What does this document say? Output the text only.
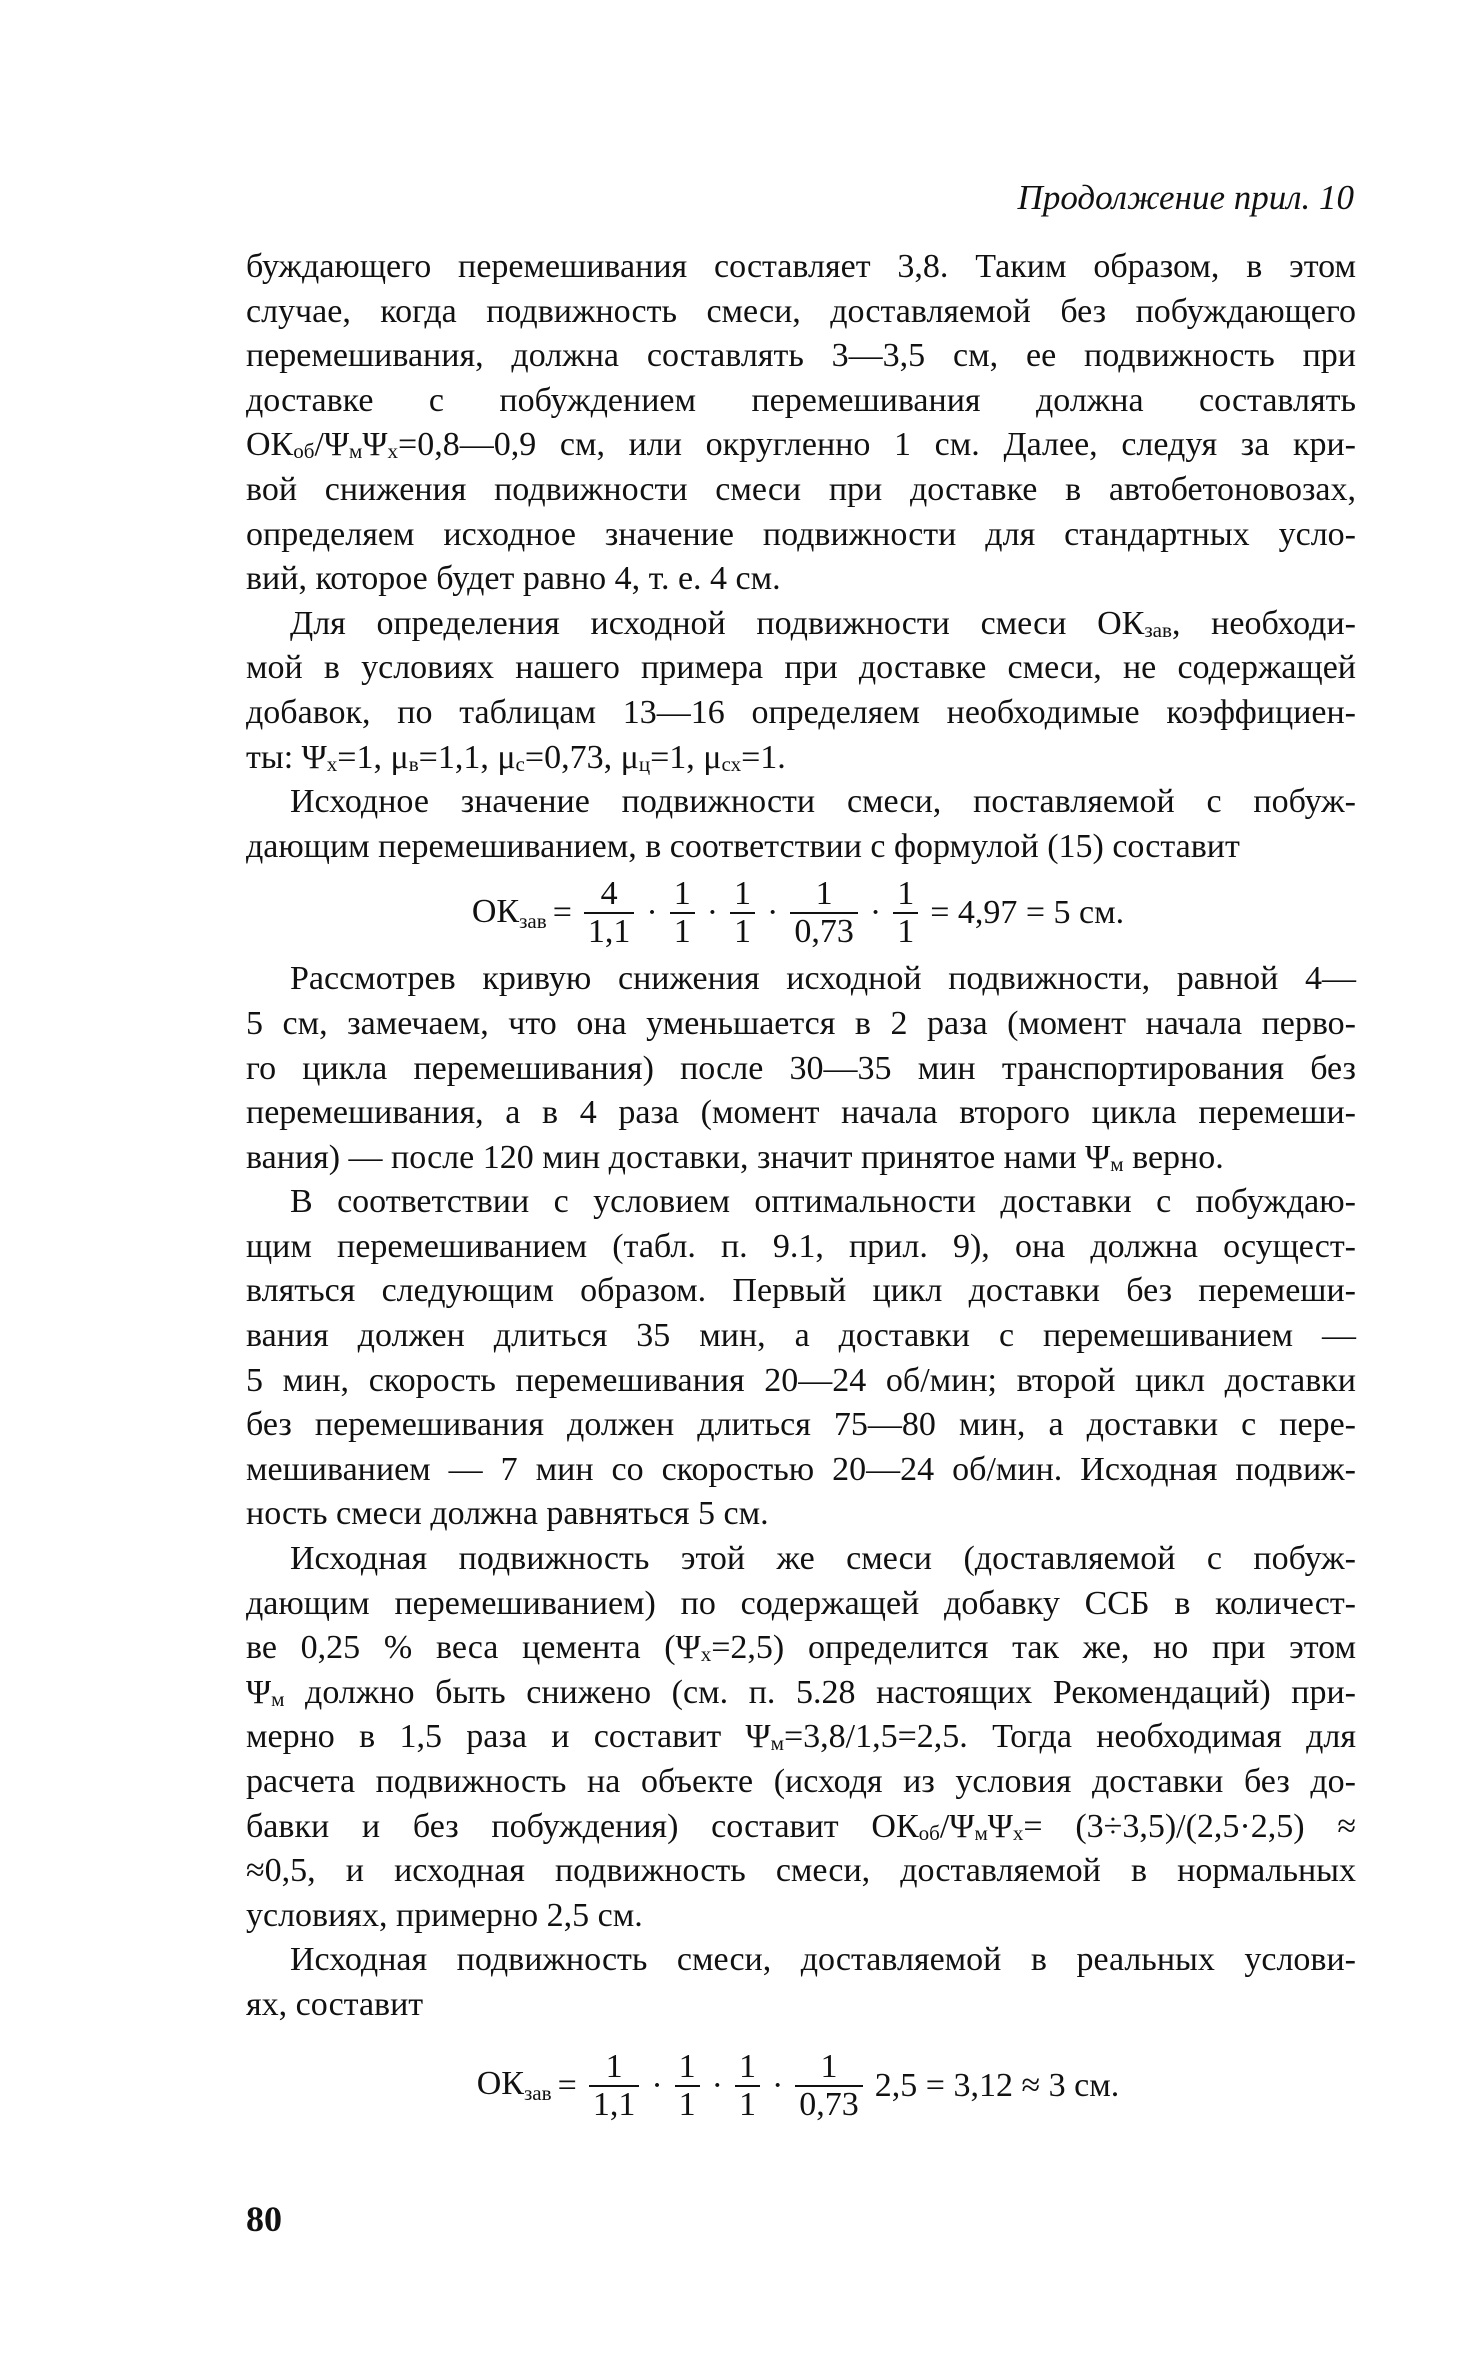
Продолжение прил. 10
буждающего перемешивания составляет 3,8. Таким образом, в этом
случае, когда подвижность смеси, доставляемой без побуждающего
перемешивания, должна составлять 3—3,5 см, ее подвижность при
доставке с побуждением перемешивания должна составлять
$ОК_{об}/\Psi_м\Psi_x=0,8—0,9$ см, или округленно 1 см. Далее, следуя за кри-
вой снижения подвижности смеси при доставке в автобетоновозах,
определяем исходное значение подвижности для стандартных усло-
вий, которое будет равно 4, т. е. 4 см.
Для определения исходной подвижности смеси $ОК_{зав}$, необходи-
мой в условиях нашего примера при доставке смеси, не содержащей
добавок, по таблицам 13—16 определяем необходимые коэффициен-
ты: $\Psi_x=1$, $\mu_в=1,1$, $\mu_с=0,73$, $\mu_ц=1$, $\mu_{сх}=1$.
Исходное значение подвижности смеси, поставляемой с побуж-
дающим перемешиванием, в соответствии с формулой (15) составит
$ОК_{зав} = \frac{4}{1,1} \cdot \frac{1}{1} \cdot \frac{1}{1} \cdot \frac{1}{0,73} \cdot \frac{1}{1} = 4,97 = 5$ см.
Рассмотрев кривую снижения исходной подвижности, равной 4—
5 см, замечаем, что она уменьшается в 2 раза (момент начала перво-
го цикла перемешивания) после 30—35 мин транспортирования без
перемешивания, а в 4 раза (момент начала второго цикла перемеши-
вания) — после 120 мин доставки, значит принятое нами $\Psi_м$ верно.
В соответствии с условием оптимальности доставки с побуждаю-
щим перемешиванием (табл. п. 9.1, прил. 9), она должна осущест-
вляться следующим образом. Первый цикл доставки без перемеши-
вания должен длиться 35 мин, а доставки с перемешиванием —
5 мин, скорость перемешивания 20—24 об/мин; второй цикл доставки
без перемешивания должен длиться 75—80 мин, а доставки с пере-
мешиванием — 7 мин со скоростью 20—24 об/мин. Исходная подвиж-
ность смеси должна равняться 5 см.
Исходная подвижность этой же смеси (доставляемой с побуж-
дающим перемешиванием) по содержащей добавку ССБ в количест-
ве 0,25 % веса цемента $(\Psi_x=2,5)$ определится так же, но при этом
$\Psi_м$ должно быть снижено (см. п. 5.28 настоящих Рекомендаций) при-
мерно в 1,5 раза и составит $\Psi_м=3,8/1,5=2,5$. Тогда необходимая для
расчета подвижность на объекте (исходя из условия доставки без до-
бавки и без побуждения) составит $ОК_{об}/\Psi_м\Psi_x= (3\div 3,5)/(2,5\cdot 2,5)$ ≈
≈0,5, и исходная подвижность смеси, доставляемой в нормальных
условиях, примерно 2,5 см.
Исходная подвижность смеси, доставляемой в реальных услови-
ях, составит
$ОК_{зав} = \frac{1}{1,1} \cdot \frac{1}{1} \cdot \frac{1}{1} \cdot \frac{1}{0,73} 2,5 = 3,12 \approx 3$ см.
80
